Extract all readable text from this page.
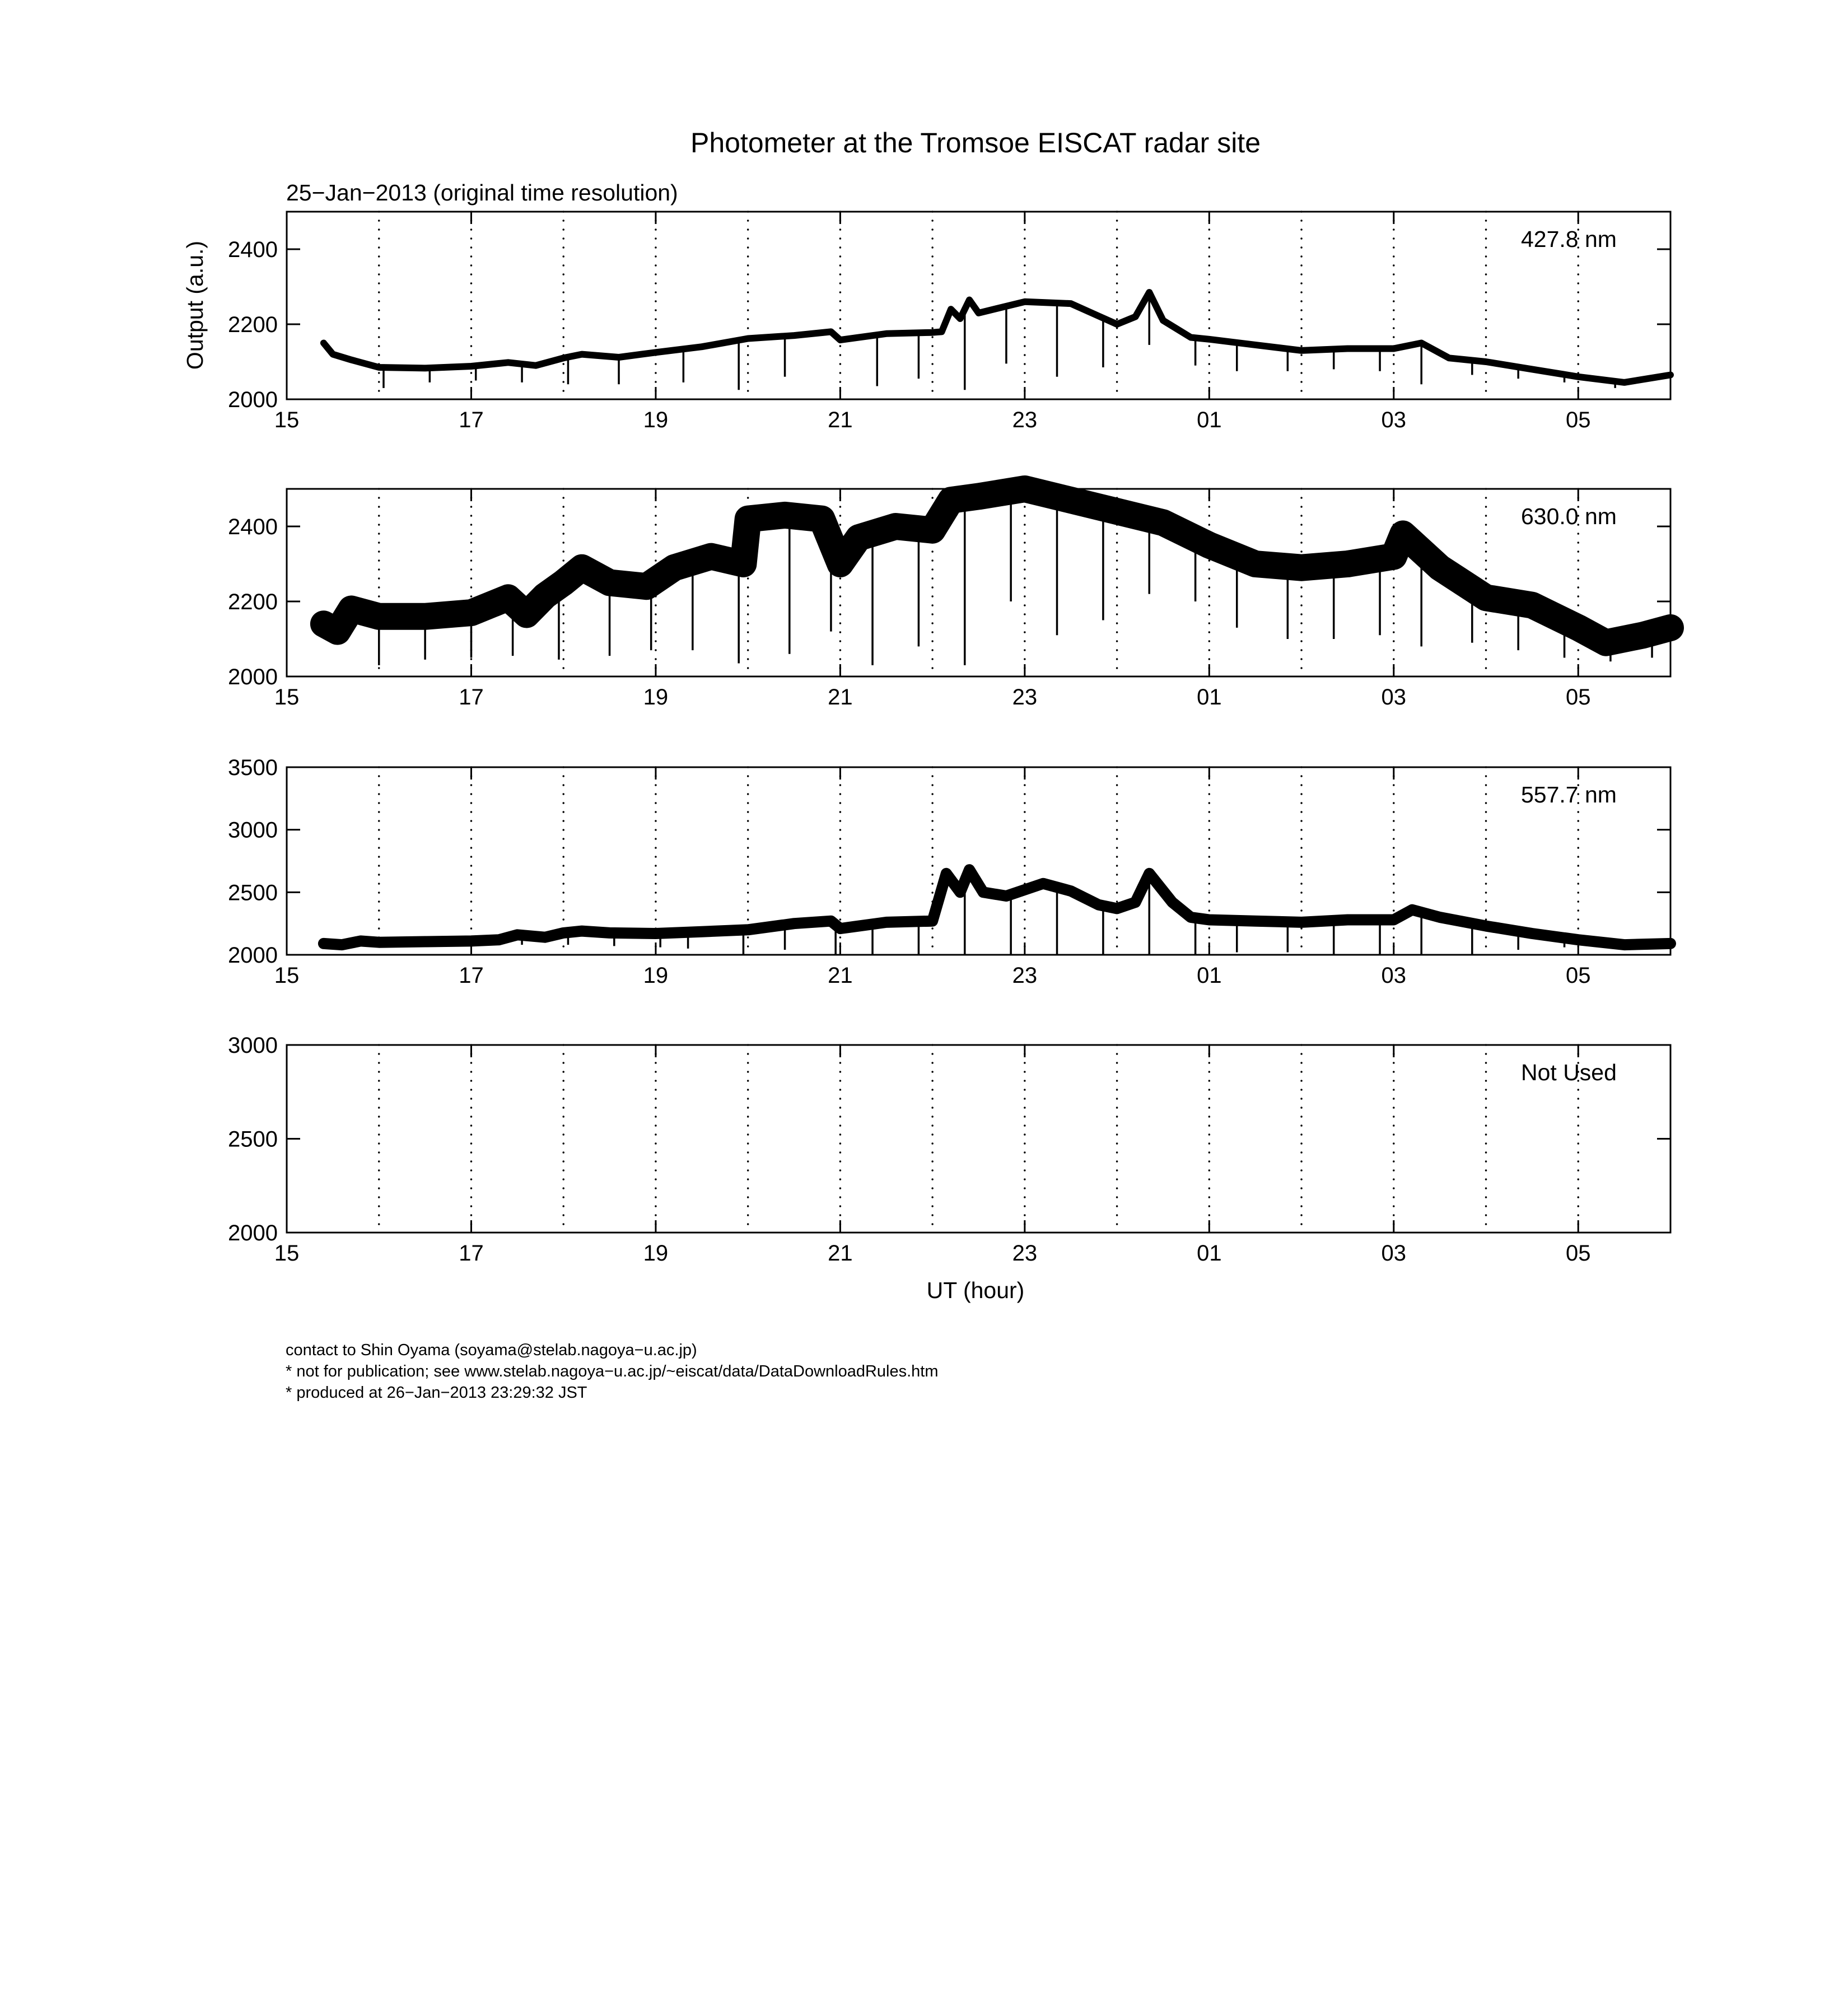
Photometer at the Tromsoe EISCAT radar site
25−Jan−2013 (original time resolution)
Output (a.u.)
UT (hour)
2000
2200
2400
15	17	19	21	23	01	03	05
427.8 nm
2000
2200
2400
15	17	19	21	23	01	03	05
630.0 nm
2000
2500
3000
3500
15	17	19	21	23	01	03	05
557.7 nm
2000
2500
3000
15	17	19	21	23	01	03	05
Not Used
contact to Shin Oyama (soyama@stelab.nagoya−u.ac.jp)
* not for publication; see www.stelab.nagoya−u.ac.jp/~eiscat/data/DataDownloadRules.htm
* produced at 26−Jan−2013 23:29:32 JST
